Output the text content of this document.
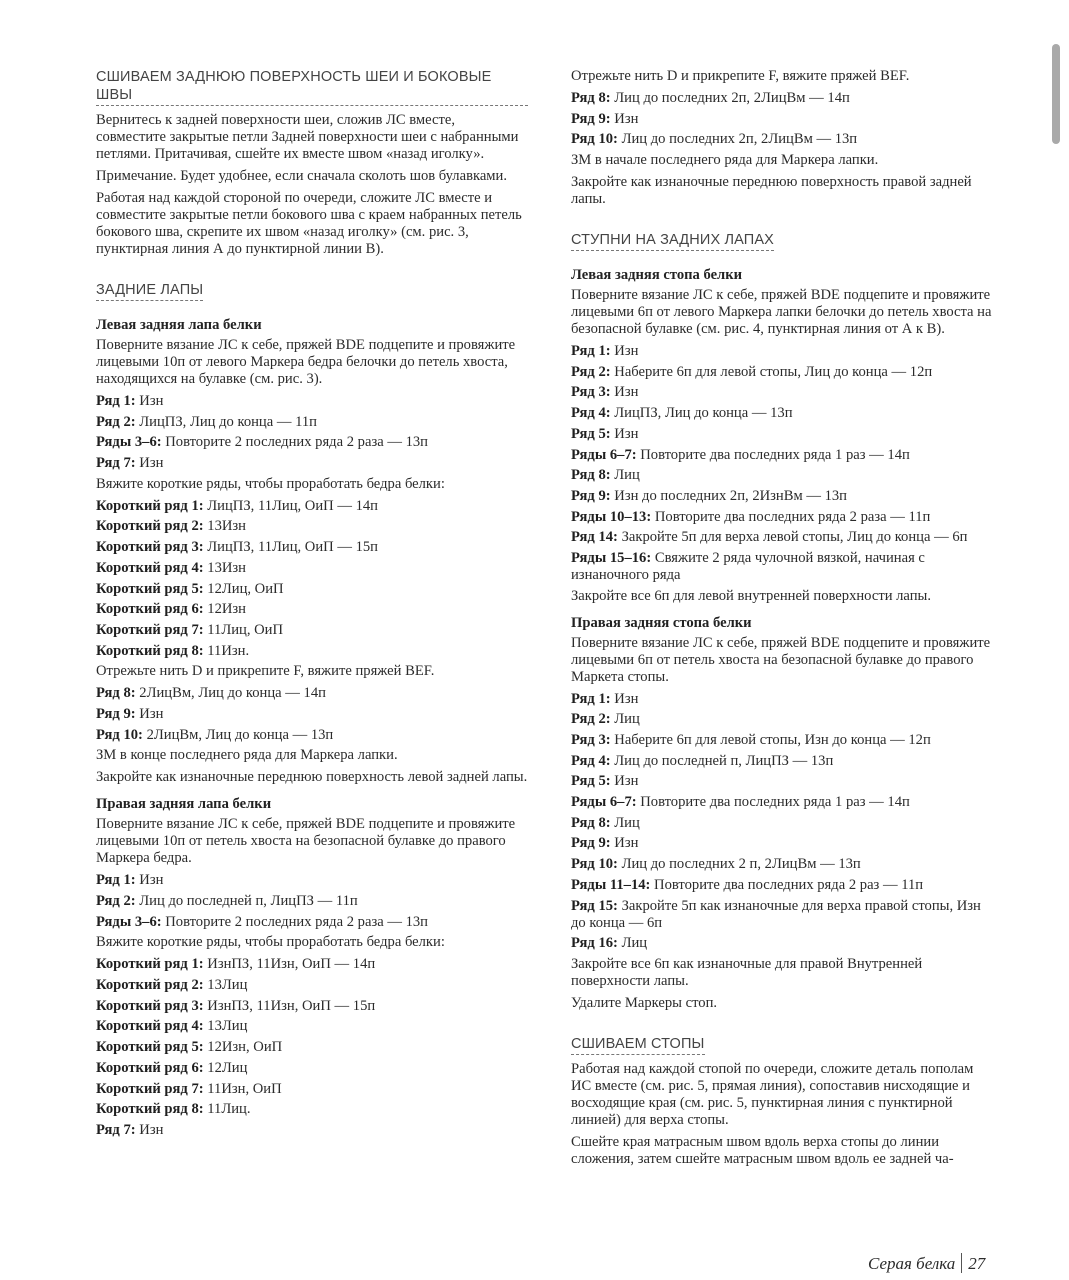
СШИВАЕМ ЗАДНЮЮ ПОВЕРХНОСТЬ ШЕИ И БОКОВЫЕ ШВЫ
Вернитесь к задней поверхности шеи, сложив ЛС вместе, совместите закрытые петли Задней поверхности шеи с набранными петлями. Притачивая, сшейте их вместе швом «назад иголку».
Примечание. Будет удобнее, если сначала сколоть шов булавками.
Работая над каждой стороной по очереди, сложите ЛС вместе и совместите закрытые петли бокового шва с краем набранных петель бокового шва, скрепите их швом «назад иголку» (см. рис. 3, пунктирная линия А до пунктирной линии В).
ЗАДНИЕ ЛАПЫ
Левая задняя лапа белки
Поверните вязание ЛС к себе, пряжей BDE подцепите и провяжите лицевыми 10п от левого Маркера бедра белочки до петель хвоста, находящихся на булавке (см. рис. 3).
Ряд 1: Изн
Ряд 2: ЛицПЗ, Лиц до конца — 11п
Ряды 3–6: Повторите 2 последних ряда 2 раза — 13п
Ряд 7: Изн
Вяжите короткие ряды, чтобы проработать бедра белки:
Короткий ряд 1: ЛицПЗ, 11Лиц, ОиП — 14п
Короткий ряд 2: 13Изн
Короткий ряд 3: ЛицПЗ, 11Лиц, ОиП — 15п
Короткий ряд 4: 13Изн
Короткий ряд 5: 12Лиц, ОиП
Короткий ряд 6: 12Изн
Короткий ряд 7: 11Лиц, ОиП
Короткий ряд 8: 11Изн.
Отрежьте нить D и прикрепите F, вяжите пряжей BEF.
Ряд 8: 2ЛицВм, Лиц до конца — 14п
Ряд 9: Изн
Ряд 10: 2ЛицВм, Лиц до конца — 13п
ЗМ в конце последнего ряда для Маркера лапки.
Закройте как изнаночные переднюю поверхность левой задней лапы.
Правая задняя лапа белки
Поверните вязание ЛС к себе, пряжей BDE подцепите и провяжите лицевыми 10п от петель хвоста на безопасной булавке до правого Маркера бедра.
Ряд 1: Изн
Ряд 2: Лиц до последней п, ЛицПЗ — 11п
Ряды 3–6: Повторите 2 последних ряда 2 раза — 13п
Вяжите короткие ряды, чтобы проработать бедра белки:
Короткий ряд 1: ИзнПЗ, 11Изн, ОиП — 14п
Короткий ряд 2: 13Лиц
Короткий ряд 3: ИзнПЗ, 11Изн, ОиП — 15п
Короткий ряд 4: 13Лиц
Короткий ряд 5: 12Изн, ОиП
Короткий ряд 6: 12Лиц
Короткий ряд 7: 11Изн, ОиП
Короткий ряд 8: 11Лиц.
Ряд 7: Изн
Отрежьте нить D и прикрепите F, вяжите пряжей BEF.
Ряд 8: Лиц до последних 2п, 2ЛицВм — 14п
Ряд 9: Изн
Ряд 10: Лиц до последних 2п, 2ЛицВм — 13п
ЗМ в начале последнего ряда для Маркера лапки.
Закройте как изнаночные переднюю поверхность правой задней лапы.
СТУПНИ НА ЗАДНИХ ЛАПАХ
Левая задняя стопа белки
Поверните вязание ЛС к себе, пряжей BDE подцепите и провяжите лицевыми 6п от левого Маркера лапки белочки до петель хвоста на безопасной булавке (см. рис. 4, пунктирная линия от А к В).
Ряд 1: Изн
Ряд 2: Наберите 6п для левой стопы, Лиц до конца — 12п
Ряд 3: Изн
Ряд 4: ЛицПЗ, Лиц до конца — 13п
Ряд 5: Изн
Ряды 6–7: Повторите два последних ряда 1 раз — 14п
Ряд 8: Лиц
Ряд 9: Изн до последних 2п, 2ИзнВм — 13п
Ряды 10–13: Повторите два последних ряда 2 раза — 11п
Ряд 14: Закройте 5п для верха левой стопы, Лиц до конца — 6п
Ряды 15–16: Свяжите 2 ряда чулочной вязкой, начиная с изнаночного ряда
Закройте все 6п для левой внутренней поверхности лапы.
Правая задняя стопа белки
Поверните вязание ЛС к себе, пряжей BDE подцепите и провяжите лицевыми 6п от петель хвоста на безопасной булавке до правого Маркета стопы.
Ряд 1: Изн
Ряд 2: Лиц
Ряд 3: Наберите 6п для левой стопы, Изн до конца — 12п
Ряд 4: Лиц до последней п, ЛицПЗ — 13п
Ряд 5: Изн
Ряды 6–7: Повторите два последних ряда 1 раз — 14п
Ряд 8: Лиц
Ряд 9: Изн
Ряд 10: Лиц до последних 2 п, 2ЛицВм — 13п
Ряды 11–14: Повторите два последних ряда 2 раз — 11п
Ряд 15: Закройте 5п как изнаночные для верха правой стопы, Изн до конца — 6п
Ряд 16: Лиц
Закройте все 6п как изнаночные для правой Внутренней поверхности лапы.
Удалите Маркеры стоп.
СШИВАЕМ СТОПЫ
Работая над каждой стопой по очереди, сложите деталь пополам ИС вместе (см. рис. 5, прямая линия), сопоставив нисходящие и восходящие края (см. рис. 5, пунктирная линия с пунктирной линией) для верха стопы.
Сшейте края матрасным швом вдоль верха стопы до линии сложения, затем сшейте матрасным швом вдоль ее задней ча-
Серая белка 27
